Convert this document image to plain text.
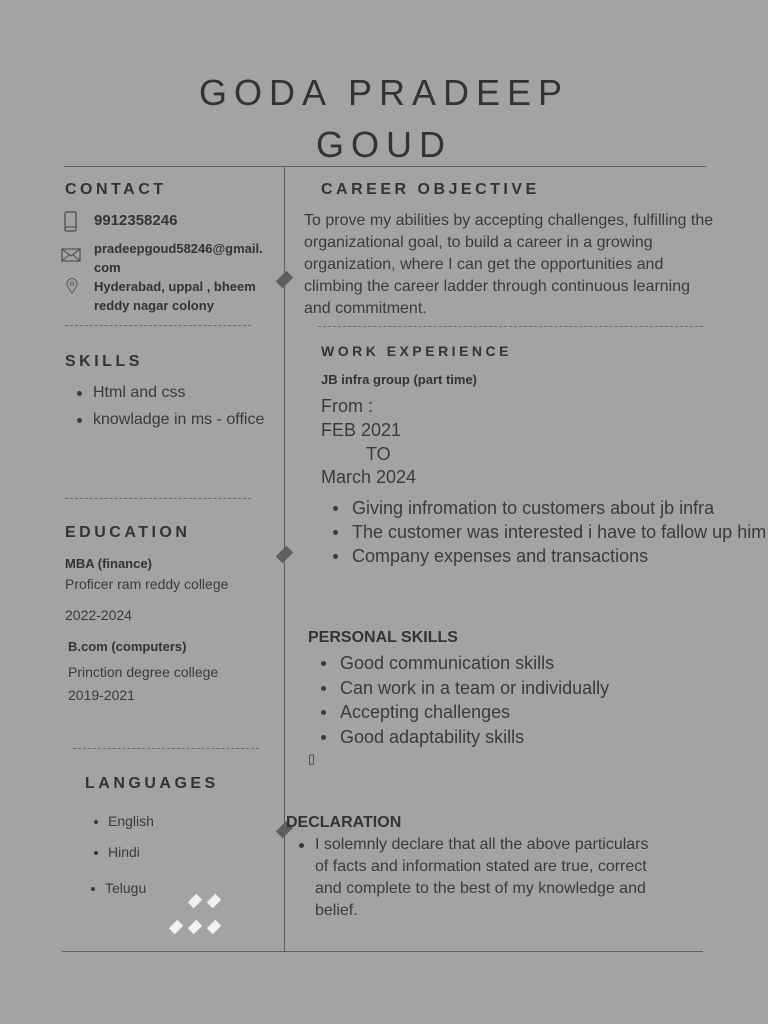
GODA PRADEEP
GOUD
CONTACT
9912358246
pradeepgoud58246@gmail.com
Hyderabad, uppal , bheem
reddy nagar colony
SKILLS
Html and css
knowladge in ms - office
EDUCATION
MBA (finance)
Proficer ram reddy college
2022-2024
B.com (computers)
Prinction degree college
2019-2021
LANGUAGES
English
Hindi
Telugu
CAREER OBJECTIVE
To prove my abilities by accepting challenges, fulfilling the organizational goal, to build a career in a growing organization, where I can get the opportunities and climbing the career ladder through continuous learning and commitment.
WORK EXPERIENCE
JB infra group (part time)
From :
FEB 2021
TO
March 2024
Giving infromation to customers about jb infra
The customer was interested i have to fallow up him
Company expenses and transactions
PERSONAL SKILLS
Good communication skills
Can work in a team or individually
Accepting challenges
Good adaptability skills
▯
DECLARATION
I solemnly declare that all the above particulars of facts and information stated are true, correct and complete to the best of my knowledge and belief.
